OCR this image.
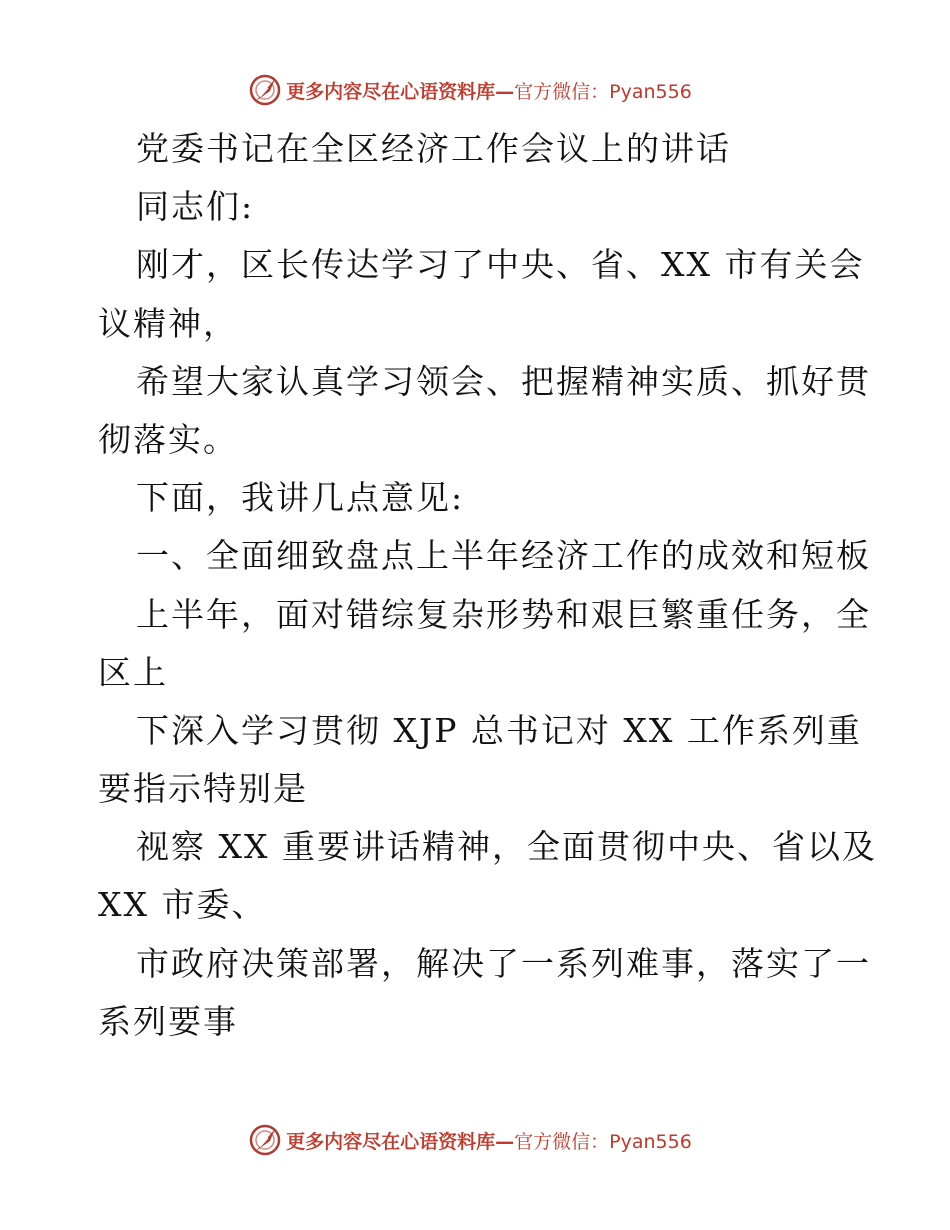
更多内容尽在心语资料库—官方微信：Pyan556
党委书记在全区经济工作会议上的讲话
同志们:
刚才，区长传达学习了中央、省、XX 市有关会
议精神，
希望大家认真学习领会、把握精神实质、抓好贯
彻落实。
下面，我讲几点意见:
一、全面细致盘点上半年经济工作的成效和短板
上半年，面对错综复杂形势和艰巨繁重任务，全
区上
下深入学习贯彻 XJP 总书记对 XX 工作系列重
要指示特别是
视察 XX 重要讲话精神，全面贯彻中央、省以及
XX 市委、
市政府决策部署，解决了一系列难事，落实了一
系列要事
更多内容尽在心语资料库—官方微信：Pyan556
